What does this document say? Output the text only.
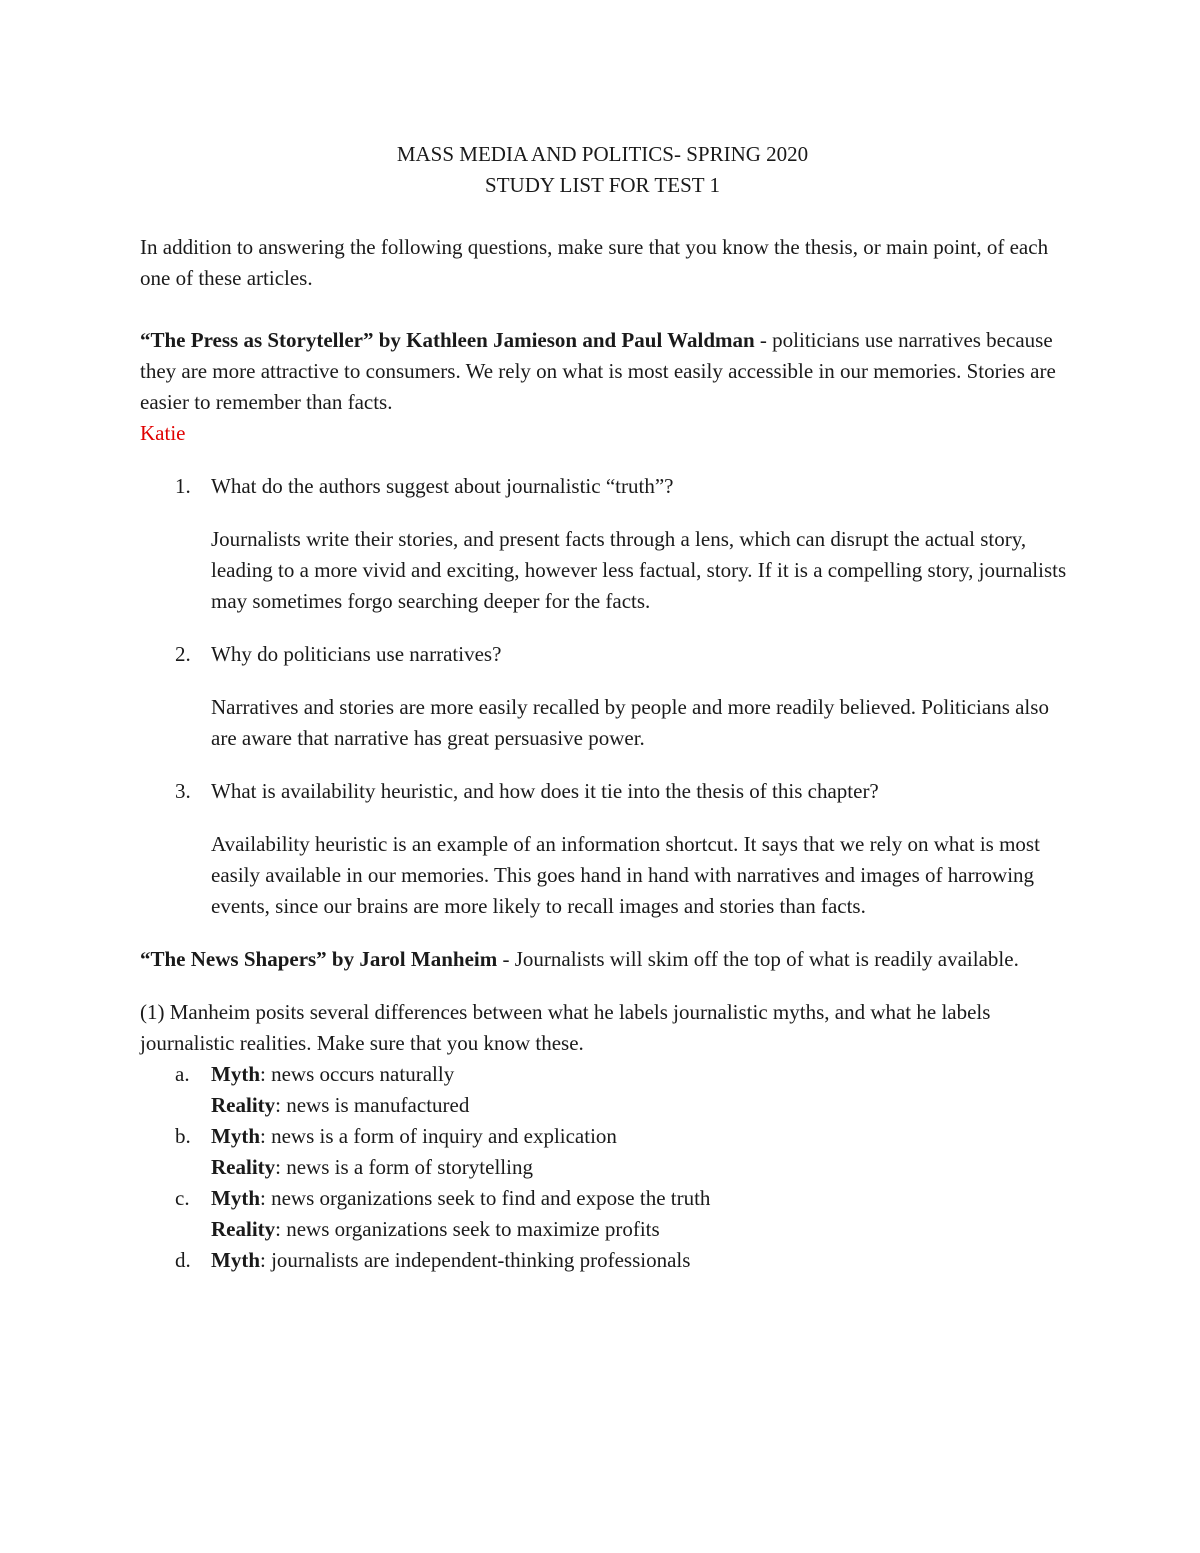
MASS MEDIA AND POLITICS- SPRING 2020

STUDY LIST FOR TEST 1

In addition to answering the following questions, make sure that you know the thesis, or main point, of each one of these articles.

“The Press as Storyteller” by Kathleen Jamieson and Paul Waldman - politicians use narratives because they are more attractive to consumers. We rely on what is most easily accessible in our memories. Stories are easier to remember than facts.

Katie

1. What do the authors suggest about journalistic “truth”?

Journalists write their stories, and present facts through a lens, which can disrupt the actual story, leading to a more vivid and exciting, however less factual, story. If it is a compelling story, journalists may sometimes forgo searching deeper for the facts.

2. Why do politicians use narratives?

Narratives and stories are more easily recalled by people and more readily believed. Politicians also are aware that narrative has great persuasive power.

3. What is availability heuristic, and how does it tie into the thesis of this chapter?

Availability heuristic is an example of an information shortcut. It says that we rely on what is most easily available in our memories. This goes hand in hand with narratives and images of harrowing events, since our brains are more likely to recall images and stories than facts.

“The News Shapers” by Jarol Manheim - Journalists will skim off the top of what is readily available.

(1) Manheim posits several differences between what he labels journalistic myths, and what he labels journalistic realities. Make sure that you know these.

a. Myth: news occurs naturally
Reality: news is manufactured
b. Myth: news is a form of inquiry and explication
Reality: news is a form of storytelling
c. Myth: news organizations seek to find and expose the truth
Reality: news organizations seek to maximize profits
d. Myth: journalists are independent-thinking professionals
